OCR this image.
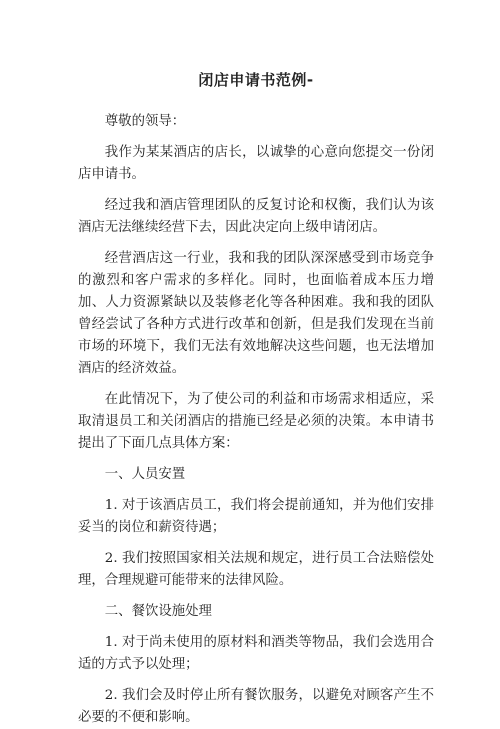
闭店申请书范例-

尊敬的领导：

我作为某某酒店的店长，以诚挚的心意向您提交一份闭店申请书。

经过我和酒店管理团队的反复讨论和权衡，我们认为该酒店无法继续经营下去，因此决定向上级申请闭店。

经营酒店这一行业，我和我的团队深深感受到市场竞争的激烈和客户需求的多样化。同时，也面临着成本压力增加、人力资源紧缺以及装修老化等各种困难。我和我的团队曾经尝试了各种方式进行改革和创新，但是我们发现在当前市场的环境下，我们无法有效地解决这些问题，也无法增加酒店的经济效益。

在此情况下，为了使公司的利益和市场需求相适应，采取清退员工和关闭酒店的措施已经是必须的决策。本申请书提出了下面几点具体方案：

一、人员安置

1. 对于该酒店员工，我们将会提前通知，并为他们安排妥当的岗位和薪资待遇；

2. 我们按照国家相关法规和规定，进行员工合法赔偿处理，合理规避可能带来的法律风险。

二、餐饮设施处理

1. 对于尚未使用的原材料和酒类等物品，我们会选用合适的方式予以处理；

2. 我们会及时停止所有餐饮服务，以避免对顾客产生不必要的不便和影响。
